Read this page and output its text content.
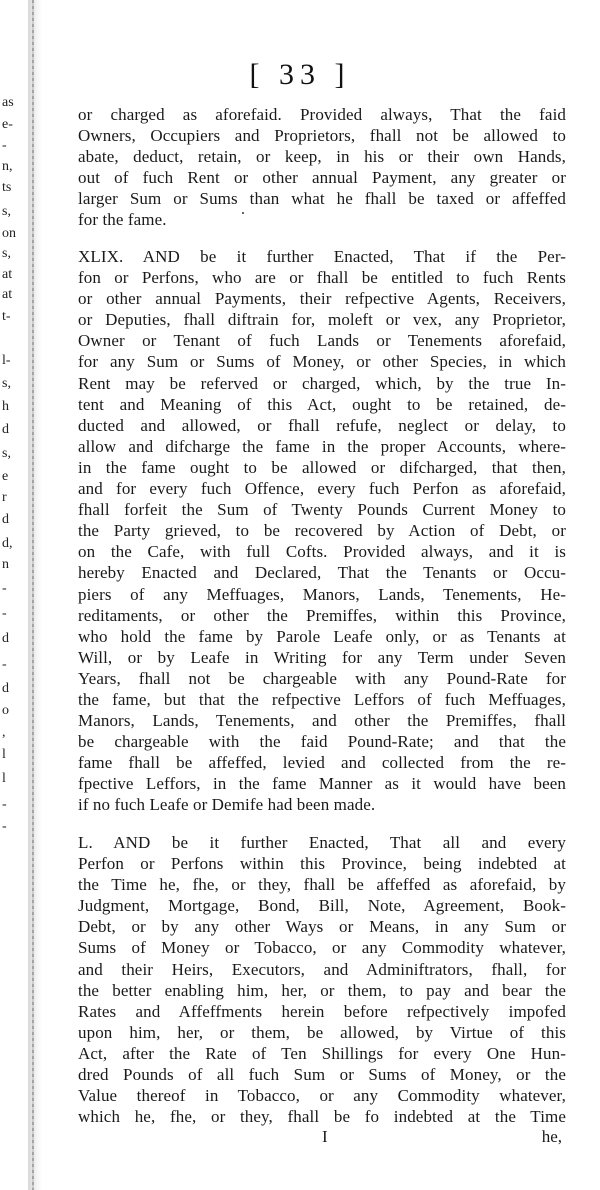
as
e-
-
n,
ts
s,
on
s,
at
at
t-
l-
s,
h
d
s,
e
r
d
d,
n
-
-
d
-
d
o
,
l
l
-
-
[ 33 ]
or charged as aforefaid. Provided always, That the faid
Owners, Occupiers and Proprietors, fhall not be allowed to
abate, deduct, retain, or keep, in his or their own Hands,
out of fuch Rent or other annual Payment, any greater or
larger Sum or Sums than what he fhall be taxed or affeffed
for the fame.
XLIX. AND be it further Enacted, That if the Per-
fon or Perfons, who are or fhall be entitled to fuch Rents
or other annual Payments, their refpective Agents, Receivers,
or Deputies, fhall diftrain for, moleft or vex, any Proprietor,
Owner or Tenant of fuch Lands or Tenements aforefaid,
for any Sum or Sums of Money, or other Species, in which
Rent may be referved or charged, which, by the true In-
tent and Meaning of this Act, ought to be retained, de-
ducted and allowed, or fhall refufe, neglect or delay, to
allow and difcharge the fame in the proper Accounts, where-
in the fame ought to be allowed or difcharged, that then,
and for every fuch Offence, every fuch Perfon as aforefaid,
fhall forfeit the Sum of Twenty Pounds Current Money to
the Party grieved, to be recovered by Action of Debt, or
on the Cafe, with full Cofts. Provided always, and it is
hereby Enacted and Declared, That the Tenants or Occu-
piers of any Meffuages, Manors, Lands, Tenements, He-
reditaments, or other the Premiffes, within this Province,
who hold the fame by Parole Leafe only, or as Tenants at
Will, or by Leafe in Writing for any Term under Seven
Years, fhall not be chargeable with any Pound-Rate for
the fame, but that the refpective Leffors of fuch Meffuages,
Manors, Lands, Tenements, and other the Premiffes, fhall
be chargeable with the faid Pound-Rate; and that the
fame fhall be affeffed, levied and collected from the re-
fpective Leffors, in the fame Manner as it would have been
if no fuch Leafe or Demife had been made.
L. AND be it further Enacted, That all and every
Perfon or Perfons within this Province, being indebted at
the Time he, fhe, or they, fhall be affeffed as aforefaid, by
Judgment, Mortgage, Bond, Bill, Note, Agreement, Book-
Debt, or by any other Ways or Means, in any Sum or
Sums of Money or Tobacco, or any Commodity whatever,
and their Heirs, Executors, and Adminiftrators, fhall, for
the better enabling him, her, or them, to pay and bear the
Rates and Affeffments herein before refpectively impofed
upon him, her, or them, be allowed, by Virtue of this
Act, after the Rate of Ten Shillings for every One Hun-
dred Pounds of all fuch Sum or Sums of Money, or the
Value thereof in Tobacco, or any Commodity whatever,
which he, fhe, or they, fhall be fo indebted at the Time
I	he,
